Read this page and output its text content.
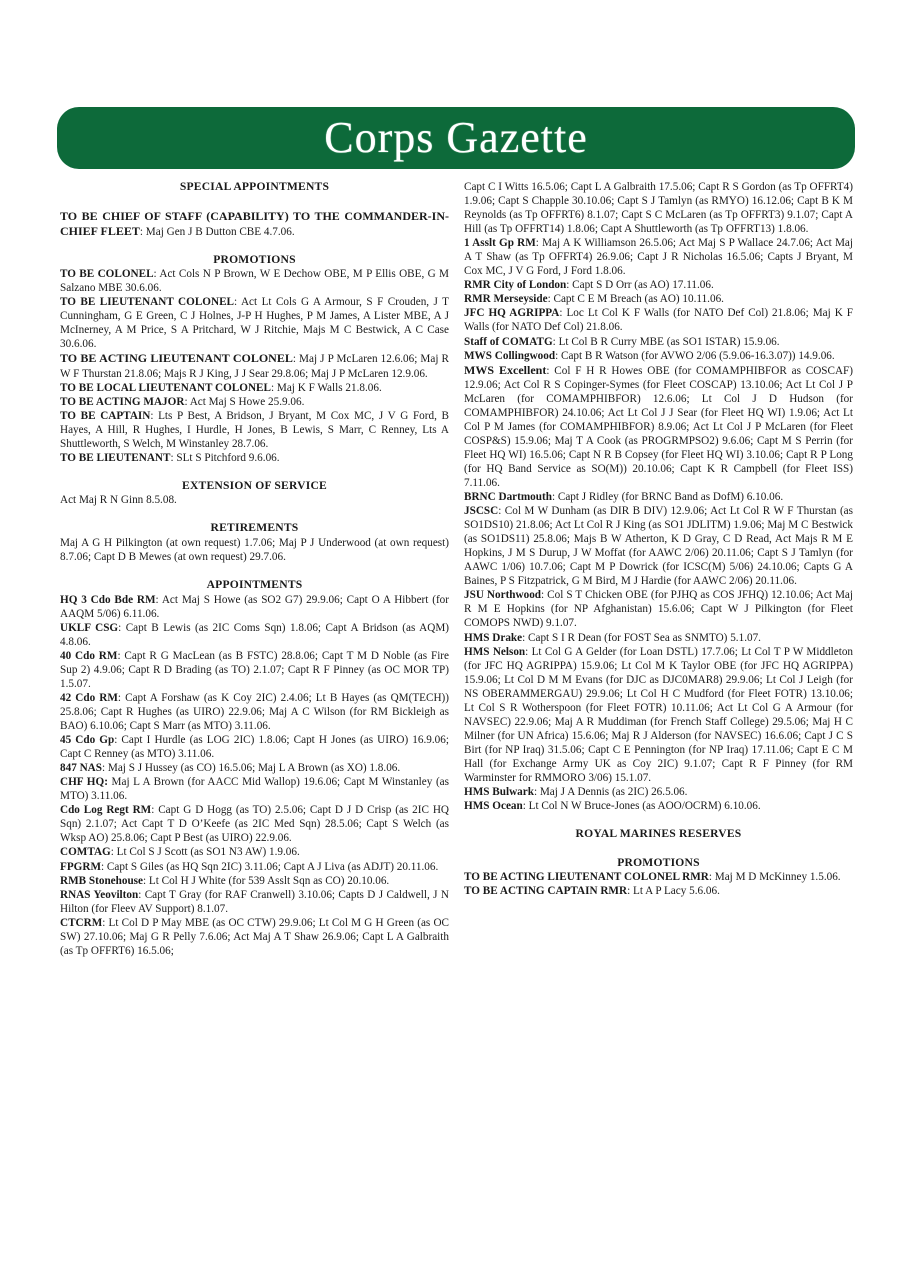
Corps Gazette
SPECIAL APPOINTMENTS

TO BE CHIEF OF STAFF (CAPABILITY) TO THE COMMANDER-IN-CHIEF FLEET: Maj Gen J B Dutton CBE 4.7.06.

PROMOTIONS

TO BE COLONEL: Act Cols N P Brown, W E Dechow OBE, M P Ellis OBE, G M Salzano MBE 30.6.06.

TO BE LIEUTENANT COLONEL: Act Lt Cols G A Armour, S F Crouden, J T Cunningham, G E Green, C J Holnes, J-P H Hughes, P M James, A Lister MBE, A J McInerney, A M Price, S A Pritchard, W J Ritchie, Majs M C Bestwick, A C Case 30.6.06.

TO BE ACTING LIEUTENANT COLONEL: Maj J P McLaren 12.6.06; Maj R W F Thurstan 21.8.06; Majs R J King, J J Sear 29.8.06; Maj J P McLaren 12.9.06.

TO BE LOCAL LIEUTENANT COLONEL: Maj K F Walls 21.8.06.

TO BE ACTING MAJOR: Act Maj S Howe 25.9.06.

TO BE CAPTAIN: Lts P Best, A Bridson, J Bryant, M Cox MC, J V G Ford, B Hayes, A Hill, R Hughes, I Hurdle, H Jones, B Lewis, S Marr, C Renney, Lts A Shuttleworth, S Welch, M Winstanley 28.7.06.

TO BE LIEUTENANT: SLt S Pitchford 9.6.06.

EXTENSION OF SERVICE

Act Maj R N Ginn 8.5.08.

RETIREMENTS

Maj A G H Pilkington (at own request) 1.7.06; Maj P J Underwood (at own request) 8.7.06; Capt D B Mewes (at own request) 29.7.06.

APPOINTMENTS

HQ 3 Cdo Bde RM: Act Maj S Howe (as SO2 G7) 29.9.06; Capt O A Hibbert (for AAQM 5/06) 6.11.06.

UKLF CSG: Capt B Lewis (as 2IC Coms Sqn) 1.8.06; Capt A Bridson (as AQM) 4.8.06.

40 Cdo RM: Capt R G MacLean (as B FSTC) 28.8.06; Capt T M D Noble (as Fire Sup 2) 4.9.06; Capt R D Brading (as TO) 2.1.07; Capt R F Pinney (as OC MOR TP) 1.5.07.

42 Cdo RM: Capt A Forshaw (as K Coy 2IC) 2.4.06; Lt B Hayes (as QM(TECH)) 25.8.06; Capt R Hughes (as UIRO) 22.9.06; Maj A C Wilson (for RM Bickleigh as BAO) 6.10.06; Capt S Marr (as MTO) 3.11.06.

45 Cdo Gp: Capt I Hurdle (as LOG 2IC) 1.8.06; Capt H Jones (as UIRO) 16.9.06; Capt C Renney (as MTO) 3.11.06.

847 NAS: Maj S J Hussey (as CO) 16.5.06; Maj L A Brown (as XO) 1.8.06.

CHF HQ: Maj L A Brown (for AACC Mid Wallop) 19.6.06; Capt M Winstanley (as MTO) 3.11.06.

Cdo Log Regt RM: Capt G D Hogg (as TO) 2.5.06; Capt D J D Crisp (as 2IC HQ Sqn) 2.1.07; Act Capt T D O’Keefe (as 2IC Med Sqn) 28.5.06; Capt S Welch (as Wksp AO) 25.8.06; Capt P Best (as UIRO) 22.9.06.

COMTAG: Lt Col S J Scott (as SO1 N3 AW) 1.9.06.

FPGRM: Capt S Giles (as HQ Sqn 2IC) 3.11.06; Capt A J Liva (as ADJT) 20.11.06.

RMB Stonehouse: Lt Col H J White (for 539 Asslt Sqn as CO) 20.10.06.

RNAS Yeovilton: Capt T Gray (for RAF Cranwell) 3.10.06; Capts D J Caldwell, J N Hilton (for Fleev AV Support) 8.1.07.

CTCRM: Lt Col D P May MBE (as OC CTW) 29.9.06; Lt Col M G H Green (as OC SW) 27.10.06; Maj G R Pelly 7.6.06; Act Maj A T Shaw 26.9.06; Capt L A Galbraith (as Tp OFFRT6) 16.5.06;

Capt C I Witts 16.5.06; Capt L A Galbraith 17.5.06; Capt R S Gordon (as Tp OFFRT4) 1.9.06; Capt S Chapple 30.10.06; Capt S J Tamlyn (as RMYO) 16.12.06; Capt B K M Reynolds (as Tp OFFRT6) 8.1.07; Capt S C McLaren (as Tp OFFRT3) 9.1.07; Capt A Hill (as Tp OFFRT14) 1.8.06; Capt A Shuttleworth (as Tp OFFRT13) 1.8.06.

1 Asslt Gp RM: Maj A K Williamson 26.5.06; Act Maj S P Wallace 24.7.06; Act Maj A T Shaw (as Tp OFFRT4) 26.9.06; Capt J R Nicholas 16.5.06; Capts J Bryant, M Cox MC, J V G Ford, J Ford 1.8.06.

RMR City of London: Capt S D Orr (as AO) 17.11.06.

RMR Merseyside: Capt C E M Breach (as AO) 10.11.06.

JFC HQ AGRIPPA: Loc Lt Col K F Walls (for NATO Def Col) 21.8.06; Maj K F Walls (for NATO Def Col) 21.8.06.

Staff of COMATG: Lt Col B R Curry MBE (as SO1 ISTAR) 15.9.06.

MWS Collingwood: Capt B R Watson (for AVWO 2/06 (5.9.06-16.3.07)) 14.9.06.

MWS Excellent: Col F H R Howes OBE (for COMAMPHIBFOR as COSCAF) 12.9.06; Act Col R S Copinger-Symes (for Fleet COSCAP) 13.10.06; Act Lt Col J P McLaren (for COMAMPHIBFOR) 12.6.06; Lt Col J D Hudson (for COMAMPHIBFOR) 24.10.06; Act Lt Col J J Sear (for Fleet HQ WI) 1.9.06; Act Lt Col P M James (for COMAMPHIBFOR) 8.9.06; Act Lt Col J P McLaren (for Fleet COSP&S) 15.9.06; Maj T A Cook (as PROGRMPSO2) 9.6.06; Capt M S Perrin (for Fleet HQ WI) 16.5.06; Capt N R B Copsey (for Fleet HQ WI) 3.10.06; Capt R P Long (for HQ Band Service as SO(M)) 20.10.06; Capt K R Campbell (for Fleet ISS) 7.11.06.

BRNC Dartmouth: Capt J Ridley (for BRNC Band as DofM) 6.10.06.

JSCSC: Col M W Dunham (as DIR B DIV) 12.9.06; Act Lt Col R W F Thurstan (as SO1DS10) 21.8.06; Act Lt Col R J King (as SO1 JDLITM) 1.9.06; Maj M C Bestwick (as SO1DS11) 25.8.06; Majs B W Atherton, K D Gray, C D Read, Act Majs R M E Hopkins, J M S Durup, J W Moffat (for AAWC 2/06) 20.11.06; Capt S J Tamlyn (for AAWC 1/06) 10.7.06; Capt M P Dowrick (for ICSC(M) 5/06) 24.10.06; Capts G A Baines, P S Fitzpatrick, G M Bird, M J Hardie (for AAWC 2/06) 20.11.06.

JSU Northwood: Col S T Chicken OBE (for PJHQ as COS JFHQ) 12.10.06; Act Maj R M E Hopkins (for NP Afghanistan) 15.6.06; Capt W J Pilkington (for Fleet COMOPS NWD) 9.1.07.

HMS Drake: Capt S I R Dean (for FOST Sea as SNMTO) 5.1.07.

HMS Nelson: Lt Col G A Gelder (for Loan DSTL) 17.7.06; Lt Col T P W Middleton (for JFC HQ AGRIPPA) 15.9.06; Lt Col M K Taylor OBE (for JFC HQ AGRIPPA) 15.9.06; Lt Col D M M Evans (for DJC as DJC0MAR8) 29.9.06; Lt Col J Leigh (for NS OBERAMMERGAU) 29.9.06; Lt Col H C Mudford (for Fleet FOTR) 13.10.06; Lt Col S R Wotherspoon (for Fleet FOTR) 10.11.06; Act Lt Col G A Armour (for NAVSEC) 22.9.06; Maj A R Muddiman (for French Staff College) 29.5.06; Maj H C Milner (for UN Africa) 15.6.06; Maj R J Alderson (for NAVSEC) 16.6.06; Capt J C S Birt (for NP Iraq) 31.5.06; Capt C E Pennington (for NP Iraq) 17.11.06; Capt E C M Hall (for Exchange Army UK as Coy 2IC) 9.1.07; Capt R F Pinney (for RM Warminster for RMMORO 3/06) 15.1.07.

HMS Bulwark: Maj J A Dennis (as 2IC) 26.5.06.

HMS Ocean: Lt Col N W Bruce-Jones (as AOO/OCRM) 6.10.06.

ROYAL MARINES RESERVES
PROMOTIONS

TO BE ACTING LIEUTENANT COLONEL RMR: Maj M D McKinney 1.5.06.

TO BE ACTING CAPTAIN RMR: Lt A P Lacy 5.6.06.
